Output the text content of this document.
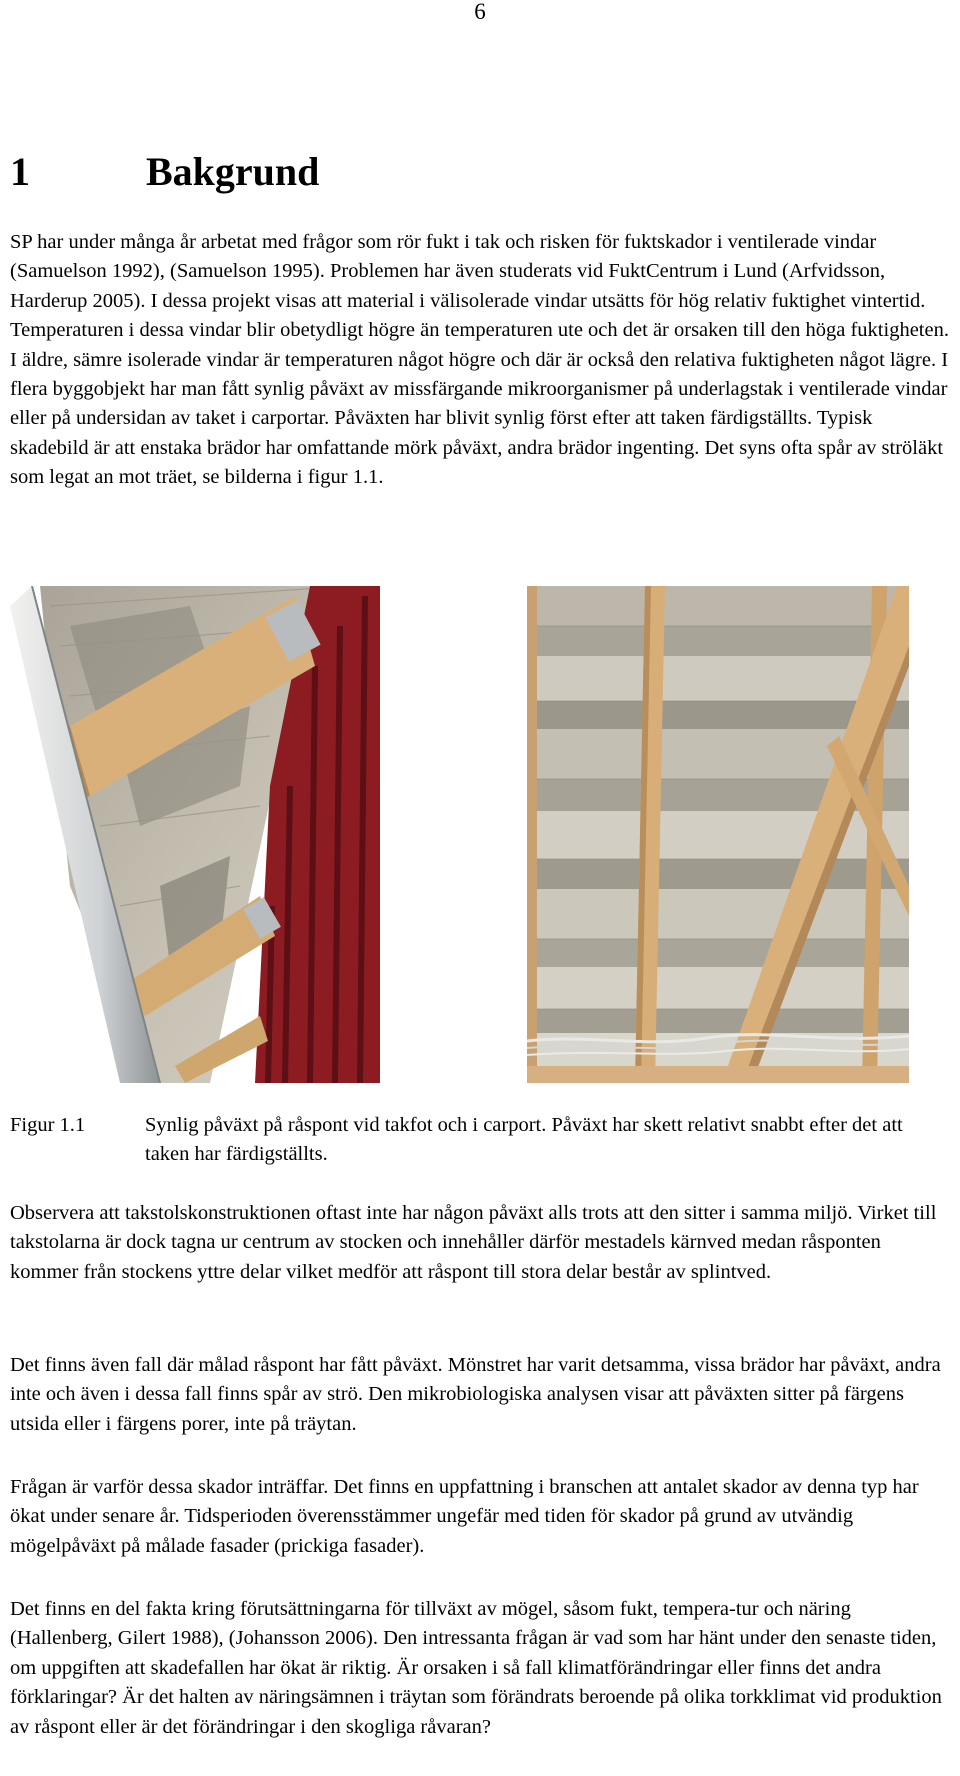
6
1	Bakgrund

SP har under många år arbetat med frågor som rör fukt i tak och risken för fuktskador i ventilerade vindar (Samuelson 1992), (Samuelson 1995). Problemen har även studerats vid FuktCentrum i Lund (Arfvidsson, Harderup 2005). I dessa projekt visas att material i välisolerade vindar utsätts för hög relativ fuktighet vintertid. Temperaturen i dessa vindar blir obetydligt högre än temperaturen ute och det är orsaken till den höga fuktigheten. I äldre, sämre isolerade vindar är temperaturen något högre och där är också den relativa fuktigheten något lägre. I flera byggobjekt har man fått synlig påväxt av missfärgande mikroorganismer på underlagstak i ventilerade vindar eller på undersidan av taket i carportar. Påväxten har blivit synlig först efter att taken färdigställts. Typisk skadebild är att enstaka brädor har omfattande mörk påväxt, andra brädor ingenting. Det syns ofta spår av ströläkt som legat an mot träet, se bilderna i figur 1.1.

Figur 1.1	Synlig påväxt på råspont vid takfot och i carport. Påväxt har skett relativt snabbt efter det att taken har färdigställts.

Observera att takstolskonstruktionen oftast inte har någon påväxt alls trots att den sitter i samma miljö. Virket till takstolarna är dock tagna ur centrum av stocken och innehåller därför mestadels kärnved medan råsponten kommer från stockens yttre delar vilket medför att råspont till stora delar består av splintved.

Det finns även fall där målad råspont har fått påväxt. Mönstret har varit detsamma, vissa brädor har påväxt, andra inte och även i dessa fall finns spår av strö. Den mikrobiologiska analysen visar att påväxten sitter på färgens utsida eller i färgens porer, inte på träytan.

Frågan är varför dessa skador inträffar. Det finns en uppfattning i branschen att antalet skador av denna typ har ökat under senare år. Tidsperioden överensstämmer ungefär med tiden för skador på grund av utvändig mögelpåväxt på målade fasader (prickiga fasader).

Det finns en del fakta kring förutsättningarna för tillväxt av mögel, såsom fukt, tempera-tur och näring (Hallenberg, Gilert 1988), (Johansson 2006). Den intressanta frågan är vad som har hänt under den senaste tiden, om uppgiften att skadefallen har ökat är riktig. Är orsaken i så fall klimatförändringar eller finns det andra förklaringar? Är det halten av näringsämnen i träytan som förändrats beroende på olika torkklimat vid produktion av råspont eller är det förändringar i den skogliga råvaran?
